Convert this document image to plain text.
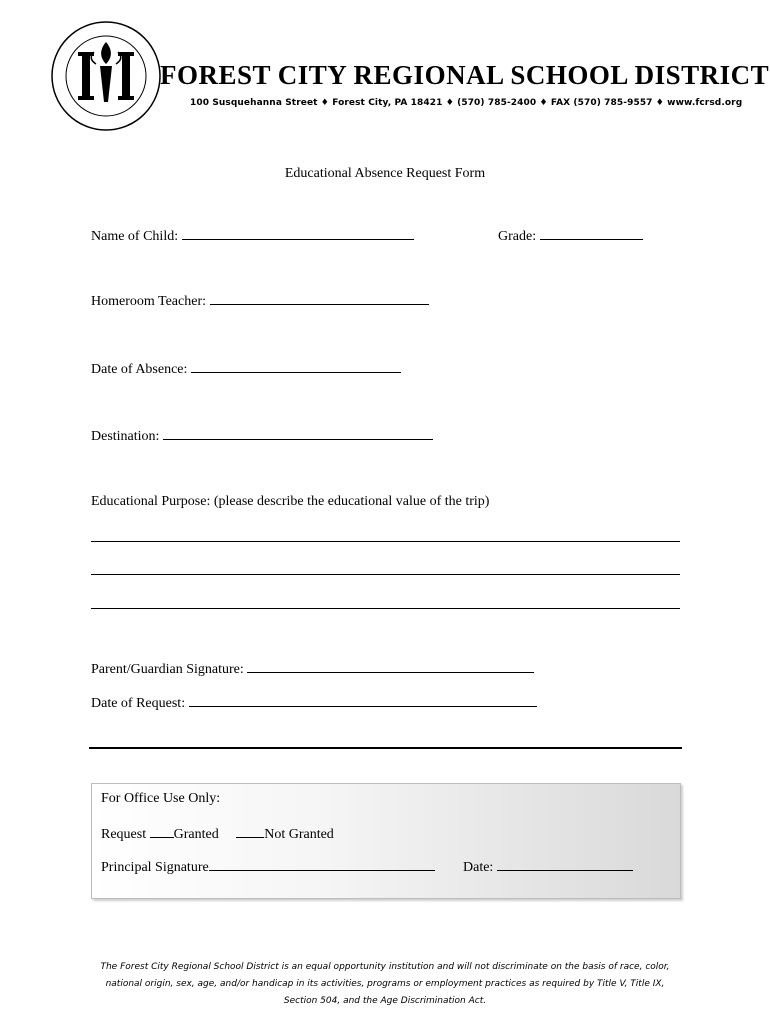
FOREST CITY REGIONAL SCHOOL DISTRICT
100 Susquehanna Street ♦ Forest City, PA 18421 ♦ (570) 785-2400 ♦ FAX (570) 785-9557 ♦ www.fcrsd.org
Educational Absence Request Form
Name of Child:	Grade:
Homeroom Teacher:
Date of Absence:
Destination:
Educational Purpose: (please describe the educational value of the trip)
Parent/Guardian Signature:
Date of Request:
For Office Use Only:
Request Granted	Not Granted
Principal Signature	Date:
The Forest City Regional School District is an equal opportunity institution and will not discriminate on the basis of race, color, national origin, sex, age, and/or handicap in its activities, programs or employment practices as required by Title V, Title IX, Section 504, and the Age Discrimination Act.
